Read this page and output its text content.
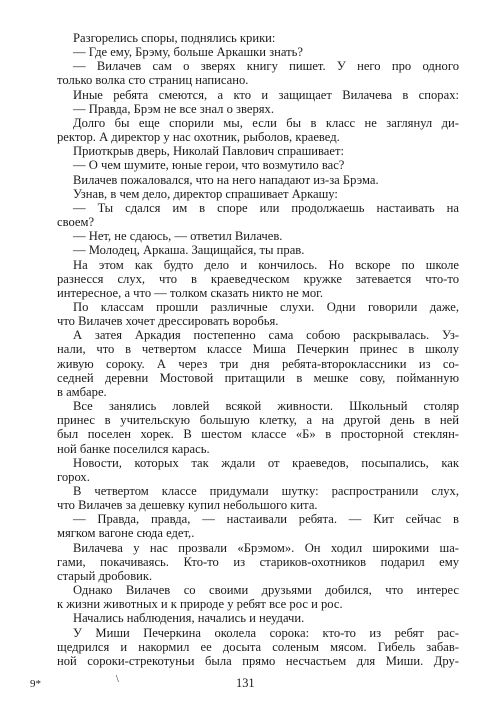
Разгорелись споры, поднялись крики:
— Где ему, Брэму, больше Аркашки знать?
— Вилачев сам о зверях книгу пишет. У него про одного
только волка сто страниц написано.
Иные ребята смеются, а кто и защищает Вилачева в спорах:
— Правда, Брэм не все знал о зверях.
Долго бы еще спорили мы, если бы в класс не заглянул ди-
ректор. А директор у нас охотник, рыболов, краевед.
Приоткрыв дверь, Николай Павлович спрашивает:
— О чем шумите, юные герои, что возмутило вас?
Вилачев пожаловался, что на него нападают из-за Брэма.
Узнав, в чем дело, директор спрашивает Аркашу:
— Ты сдался им в споре или продолжаешь настаивать на
своем?
— Нет, не сдаюсь, — ответил Вилачев.
— Молодец, Аркаша. Защищайся, ты прав.
На этом как будто дело и кончилось. Но вскоре по школе
разнесся слух, что в краеведческом кружке затевается что-то
интересное, а что — толком сказать никто не мог.
По классам прошли различные слухи. Одни говорили даже,
что Вилачев хочет дрессировать воробья.
А затея Аркадия постепенно сама собою раскрывалась. Уз-
нали, что в четвертом классе Миша Печеркин принес в школу
живую сороку. А через три дня ребята-второклассники из со-
седней деревни Мостовой притащили в мешке сову, пойманную
в амбаре.
Все занялись ловлей всякой живности. Школьный столяр
принес в учительскую большую клетку, а на другой день в ней
был поселен хорек. В шестом классе «Б» в просторной стеклян-
ной банке поселился карась.
Новости, которых так ждали от краеведов, посыпались, как
горох.
В четвертом классе придумали шутку: распространили слух,
что Вилачев за дешевку купил небольшого кита.
— Правда, правда, — настаивали ребята. — Кит сейчас в
мягком вагоне сюда едет,.
Вилачева у нас прозвали «Брэмом». Он ходил широкими ша-
гами, покачиваясь. Кто-то из стариков-охотников подарил ему
старый дробовик.
Однако Вилачев со своими друзьями добился, что интерес
к жизни животных и к природе у ребят все рос и рос.
Начались наблюдения, начались и неудачи.
У Миши Печеркина околела сорока: кто-то из ребят рас-
щедрился и накормил ее досыта соленым мясом. Гибель забав-
ной сороки-стрекотуньи была прямо несчастьем для Миши. Дру-
9*	\	131
